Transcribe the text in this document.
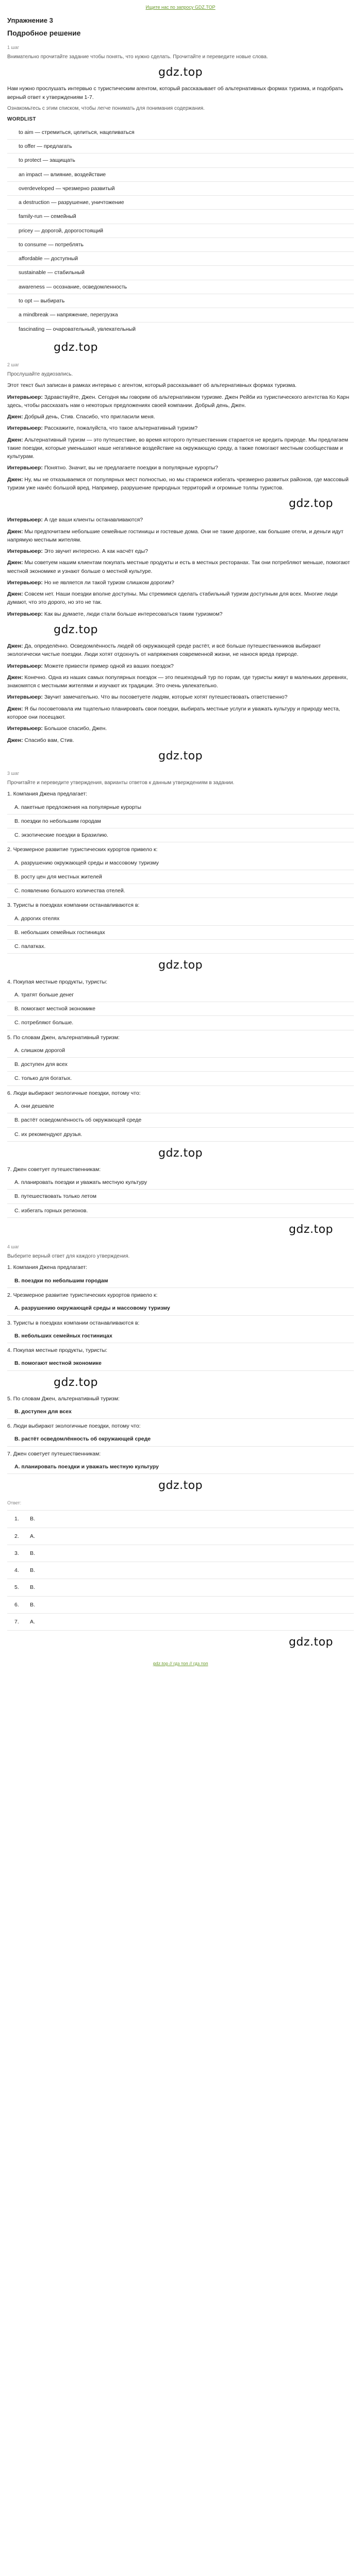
Ищите нас по запросу GDZ.TOP
Упражнение 3
Подробное решение
1 шаг
Внимательно прочитайте задание чтобы понять, что нужно сделать. Прочитайте и переведите новые слова.
gdz.top
Нам нужно прослушать интервью с туристическим агентом, который рассказывает об альтернативных формах туризма, и подобрать верный ответ к утверждениям 1-7.
Ознакомьтесь с этим списком, чтобы легче понимать для понимания содержания.
WORDLIST
to aim — стремиться, целиться, нацеливаться
to offer — предлагать
to protect — защищать
an impact — влияние, воздействие
overdeveloped — чрезмерно развитый
a destruction — разрушение, уничтожение
family-run — семейный
pricey — дорогой, дорогостоящий
to consume — потреблять
affordable — доступный
sustainable — стабильный
awareness — осознание, осведомленность
to opt — выбирать
a mindbreak — напряжение, перегрузка
fascinating — очаровательный, увлекательный
gdz.top
2 шаг
Прослушайте аудиозапись.
Этот текст был записан в рамках интервью с агентом, который рассказывает об альтернативных формах туризма.
Интервьюер: Здравствуйте, Джен. Сегодня мы говорим об альтернативном туризме. Джен Рейби из туристического агентства Ко Карн здесь, чтобы рассказать нам о некоторых предложениях своей компании. Добрый день, Джен.
Джен: Добрый день, Стив. Спасибо, что пригласили меня.
Интервьюер: Расскажите, пожалуйста, что такое альтернативный туризм?
Джен: Альтернативный туризм — это путешествие, во время которого путешественник старается не вредить природе. Мы предлагаем такие поездки, которые уменьшают наше негативное воздействие на окружающую среду, а также помогают местным сообществам и культурам.
Интервьюер: Понятно. Значит, вы не предлагаете поездки в популярные курорты?
Джен: Ну, мы не отказываемся от популярных мест полностью, но мы стараемся избегать чрезмерно развитых районов, где массовый туризм уже нанёс большой вред. Например, разрушение природных территорий и огромные толпы туристов.
gdz.top
Интервьюер: А где ваши клиенты останавливаются?
Джен: Мы предпочитаем небольшие семейные гостиницы и гостевые дома. Они не такие дорогие, как большие отели, и деньги идут напрямую местным жителям.
Интервьюер: Это звучит интересно. А как насчёт еды?
Джен: Мы советуем нашим клиентам покупать местные продукты и есть в местных ресторанах. Так они потребляют меньше, помогают местной экономике и узнают больше о местной культуре.
Интервьюер: Но не является ли такой туризм слишком дорогим?
Джен: Совсем нет. Наши поездки вполне доступны. Мы стремимся сделать стабильный туризм доступным для всех. Многие люди думают, что это дорого, но это не так.
Интервьюер: Как вы думаете, люди стали больше интересоваться таким туризмом?
gdz.top
Джен: Да, определённо. Осведомлённость людей об окружающей среде растёт, и всё больше путешественников выбирают экологически чистые поездки. Люди хотят отдохнуть от напряжения современной жизни, не нанося вреда природе.
Интервьюер: Можете привести пример одной из ваших поездок?
Джен: Конечно. Одна из наших самых популярных поездок — это пешеходный тур по горам, где туристы живут в маленьких деревнях, знакомятся с местными жителями и изучают их традиции. Это очень увлекательно.
Интервьюер: Звучит замечательно. Что вы посоветуете людям, которые хотят путешествовать ответственно?
Джен: Я бы посоветовала им тщательно планировать свои поездки, выбирать местные услуги и уважать культуру и природу места, которое они посещают.
Интервьюер: Большое спасибо, Джен.
Джен: Спасибо вам, Стив.
gdz.top
3 шаг
Прочитайте и переведите утверждения, варианты ответов к данным утверждениям в задании.
1. Компания Джена предлагает:
A. пакетные предложения на популярные курорты
B. поездки по небольшим городам
C. экзотические поездки в Бразилию.
2. Чрезмерное развитие туристических курортов привело к:
A. разрушению окружающей среды и массовому туризму
B. росту цен для местных жителей
C. появлению большого количества отелей.
3. Туристы в поездках компании останавливаются в:
A. дорогих отелях
B. небольших семейных гостиницах
C. палатках.
gdz.top
4. Покупая местные продукты, туристы:
A. тратят больше денег
B. помогают местной экономике
C. потребляют больше.
5. По словам Джен, альтернативный туризм:
A. слишком дорогой
B. доступен для всех
C. только для богатых.
6. Люди выбирают экологичные поездки, потому что:
A. они дешевле
B. растёт осведомлённость об окружающей среде
C. их рекомендуют друзья.
gdz.top
7. Джен советует путешественникам:
A. планировать поездки и уважать местную культуру
B. путешествовать только летом
C. избегать горных регионов.
gdz.top
4 шаг
Выберите верный ответ для каждого утверждения.
1. Компания Джена предлагает:
B. поездки по небольшим городам
2. Чрезмерное развитие туристических курортов привело к:
A. разрушению окружающей среды и массовому туризму
3. Туристы в поездках компании останавливаются в:
B. небольших семейных гостиницах
4. Покупая местные продукты, туристы:
B. помогают местной экономике
gdz.top
5. По словам Джен, альтернативный туризм:
B. доступен для всех
6. Люди выбирают экологичные поездки, потому что:
B. растёт осведомлённость об окружающей среде
7. Джен советует путешественникам:
A. планировать поездки и уважать местную культуру
gdz.top
Ответ:
1. B.
2. A.
3. B.
4. B.
5. B.
6. B.
7. A.
gdz.top
gdz.top // гдз топ // гдз.топ
